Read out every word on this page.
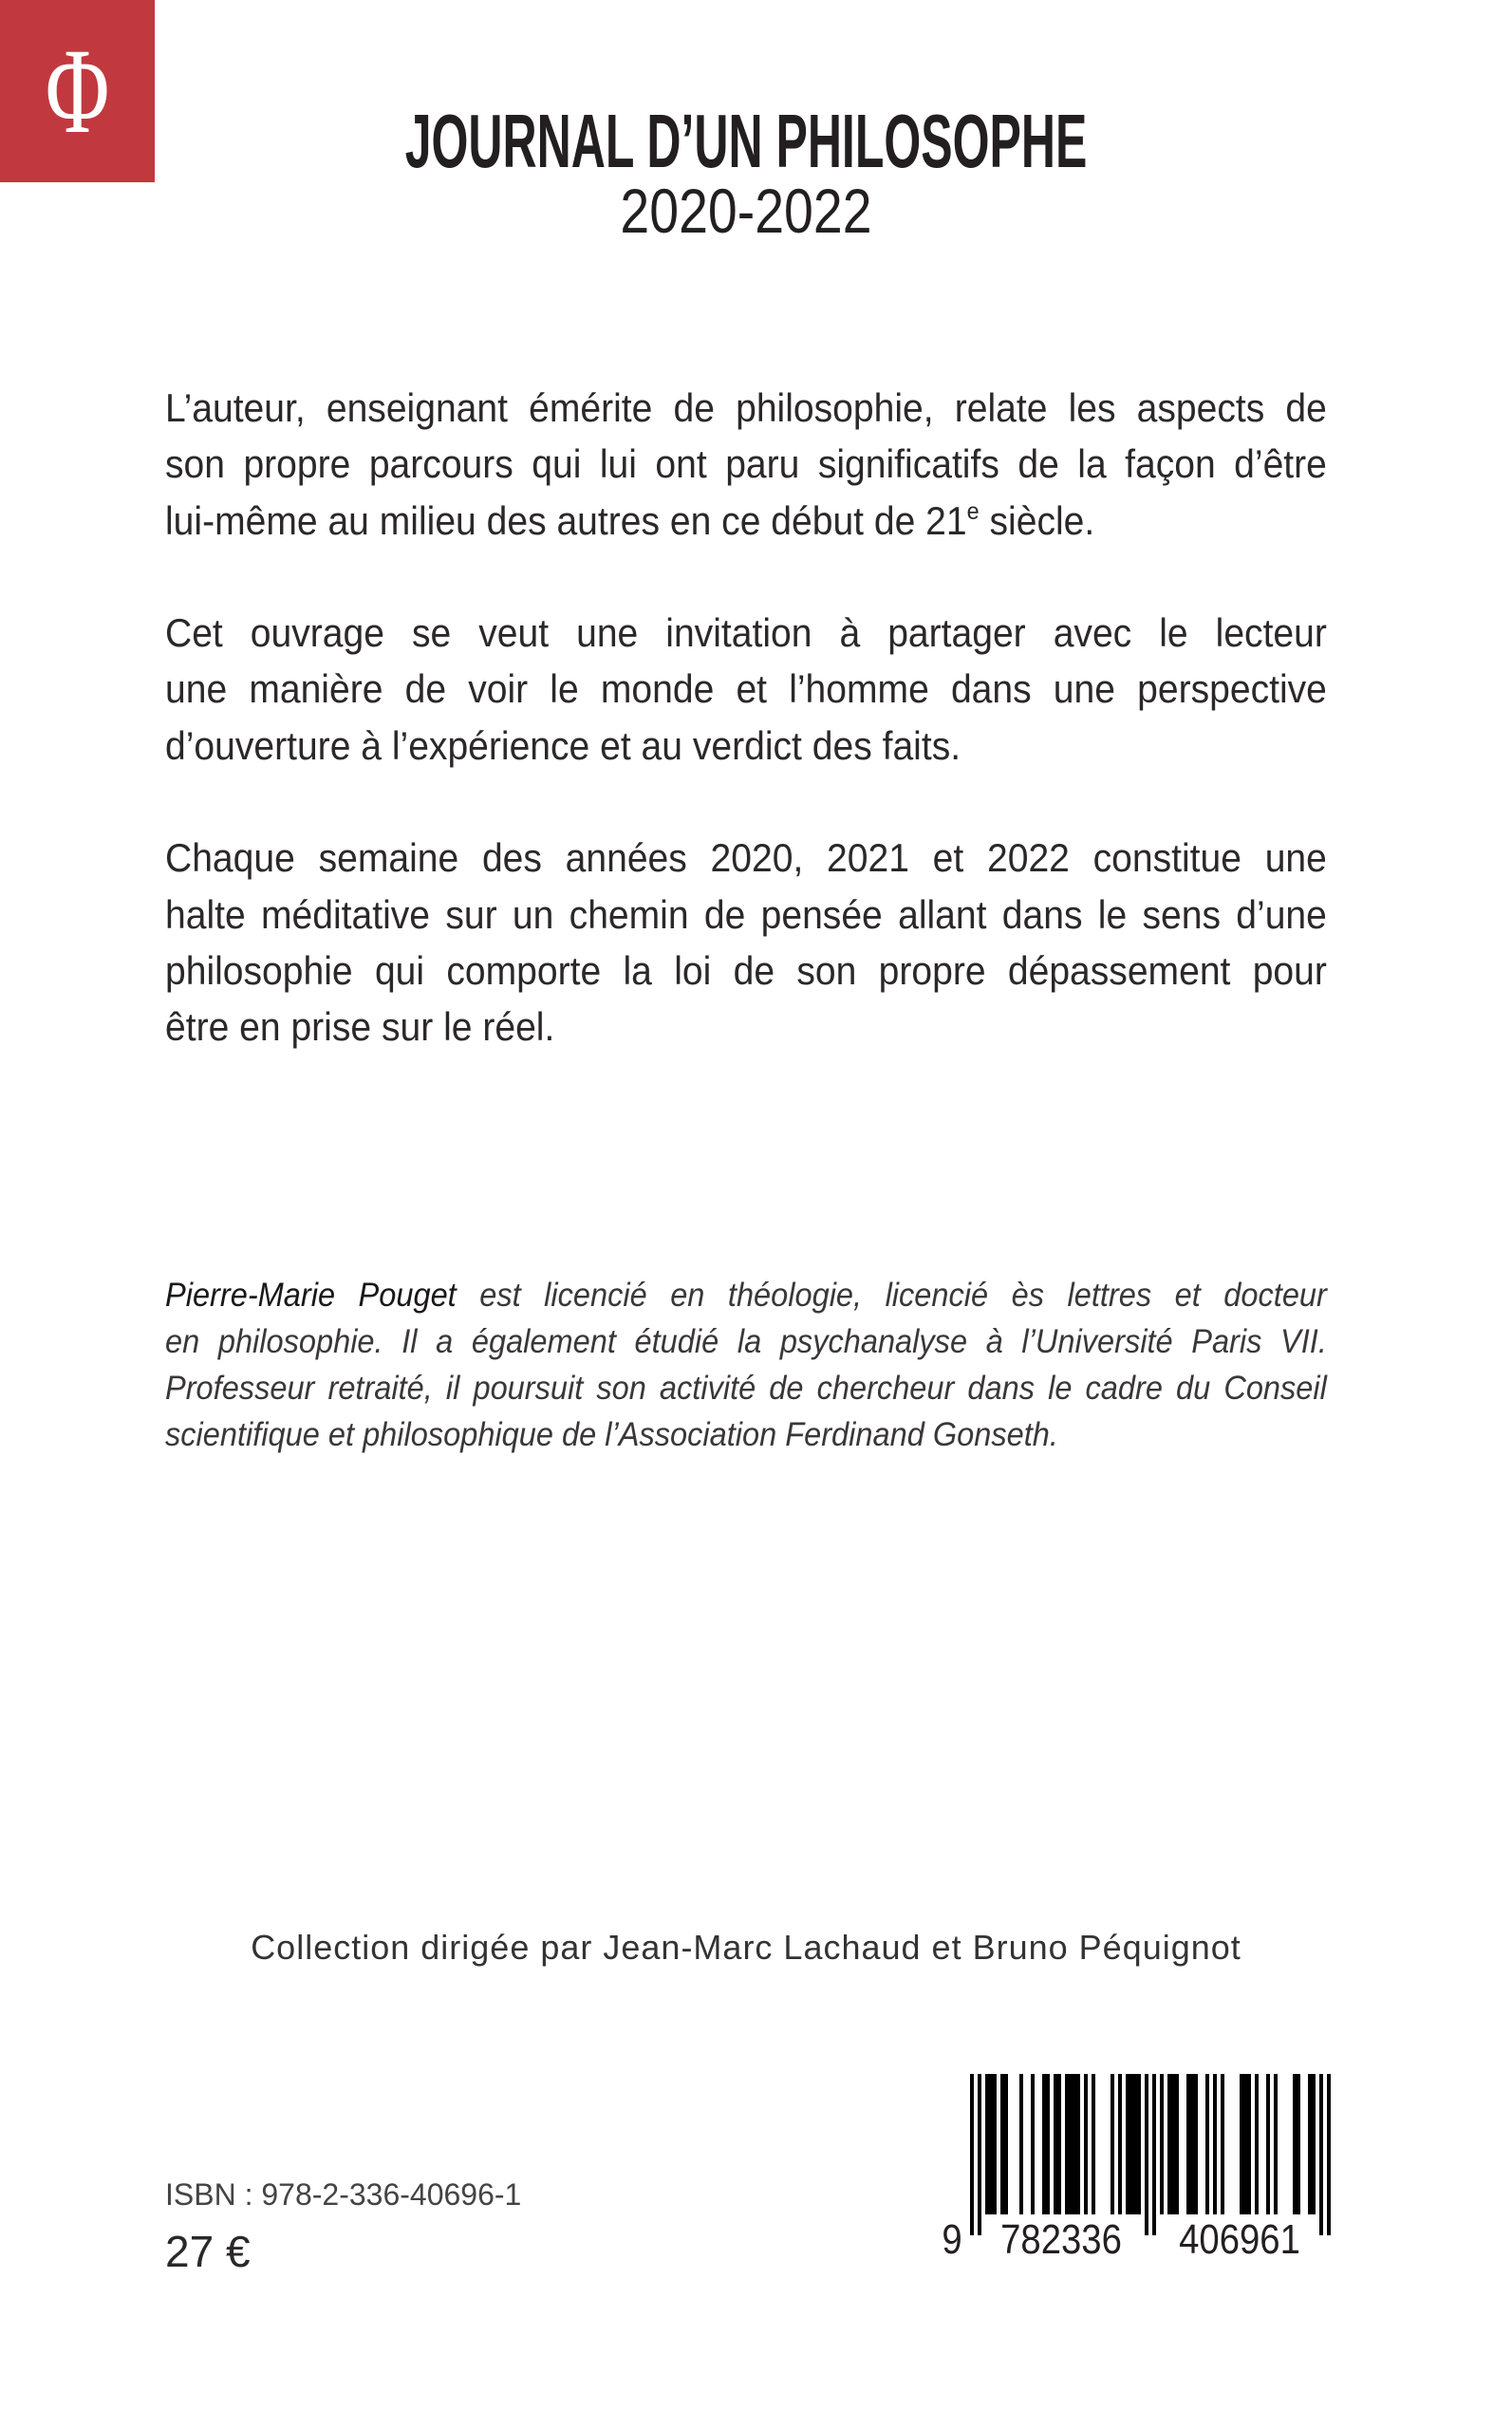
Φ	JOURNAL D’UN PHILOSOPHE
2020-2022
L’auteur, enseignant émérite de philosophie, relate les aspects de
son propre parcours qui lui ont paru significatifs de la façon d’être
lui-même au milieu des autres en ce début de 21e siècle.
Cet ouvrage se veut une invitation à partager avec le lecteur
une manière de voir le monde et l’homme dans une perspective
d’ouverture à l’expérience et au verdict des faits.
Chaque semaine des années 2020, 2021 et 2022 constitue une
halte méditative sur un chemin de pensée allant dans le sens d’une
philosophie qui comporte la loi de son propre dépassement pour
être en prise sur le réel.
Pierre-Marie Pouget est licencié en théologie, licencié ès lettres et docteur
en philosophie. Il a également étudié la psychanalyse à l’Université Paris VII.
Professeur retraité, il poursuit son activité de chercheur dans le cadre du Conseil
scientifique et philosophique de l’Association Ferdinand Gonseth.
Collection dirigée par Jean-Marc Lachaud et Bruno Péquignot
ISBN : 978-2-336-40696-1
27 €	9 782336 406961
